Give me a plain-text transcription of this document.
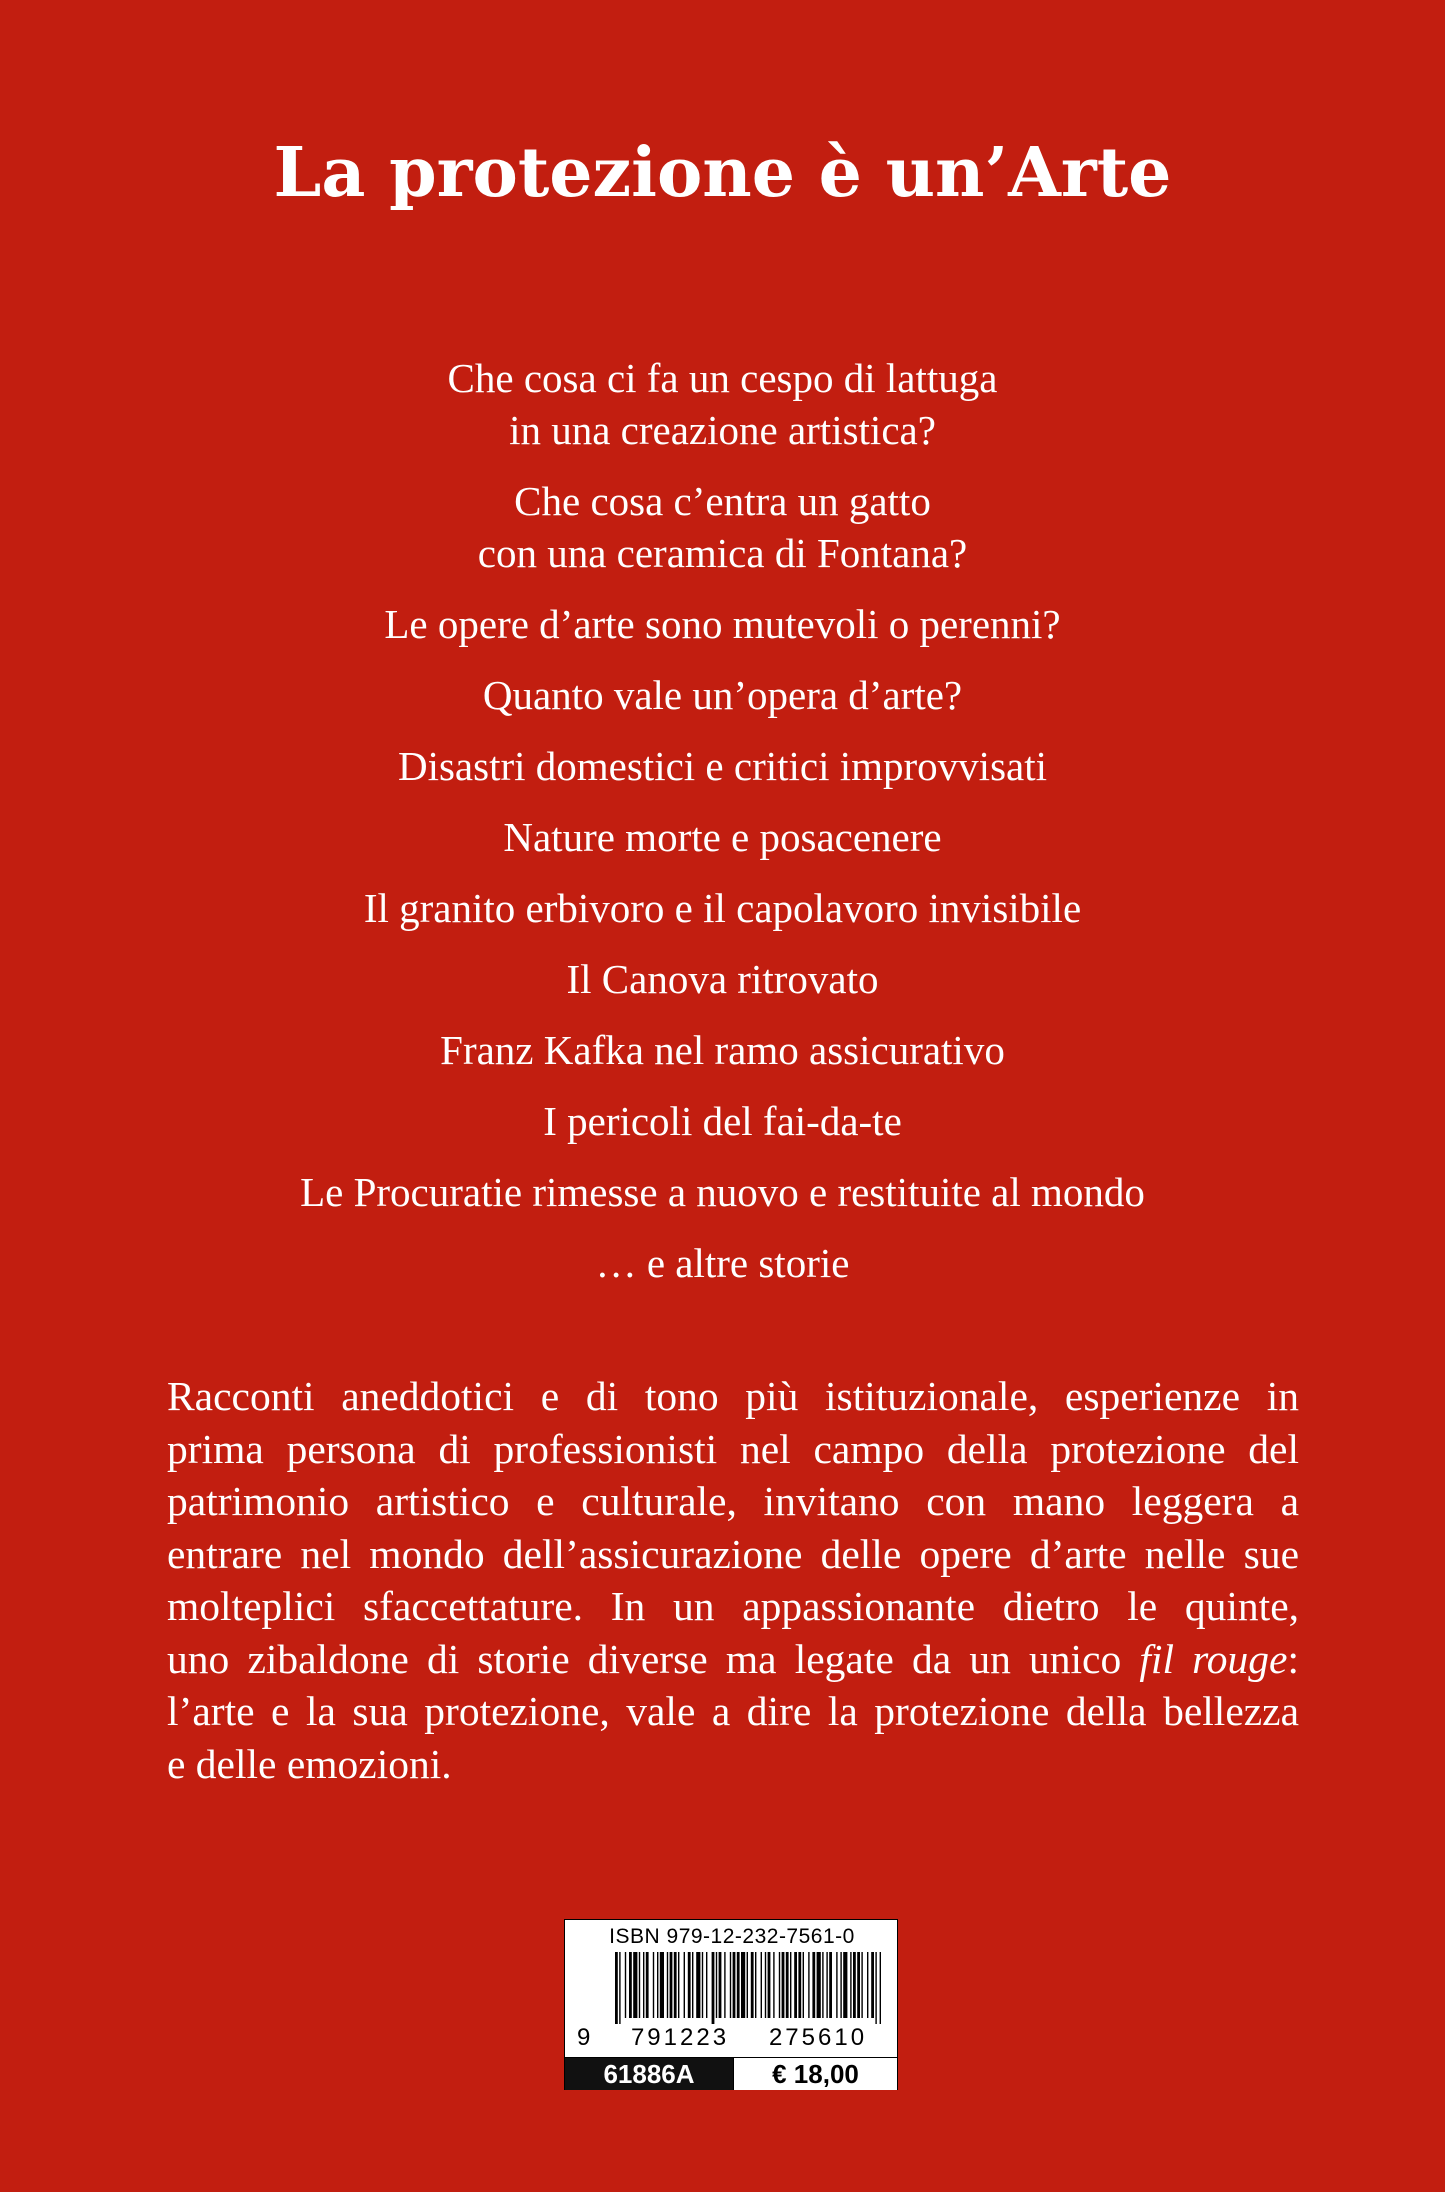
La protezione è un’Arte
Che cosa ci fa un cespo di lattuga
in una creazione artistica?
Che cosa c’entra un gatto
con una ceramica di Fontana?
Le opere d’arte sono mutevoli o perenni?
Quanto vale un’opera d’arte?
Disastri domestici e critici improvvisati
Nature morte e posacenere
Il granito erbivoro e il capolavoro invisibile
Il Canova ritrovato
Franz Kafka nel ramo assicurativo
I pericoli del fai-da-te
Le Procuratie rimesse a nuovo e restituite al mondo
… e altre storie

Racconti aneddotici e di tono più istituzionale, esperienze in
prima persona di professionisti nel campo della protezione del
patrimonio artistico e culturale, invitano con mano leggera a
entrare nel mondo dell’assicurazione delle opere d’arte nelle sue
molteplici sfaccettature. In un appassionante dietro le quinte,
uno zibaldone di storie diverse ma legate da un unico fil rouge:
l’arte e la sua protezione, vale a dire la protezione della bellezza
e delle emozioni.

ISBN 979-12-232-7561-0
9	791223	275610
61886A	€ 18,00
